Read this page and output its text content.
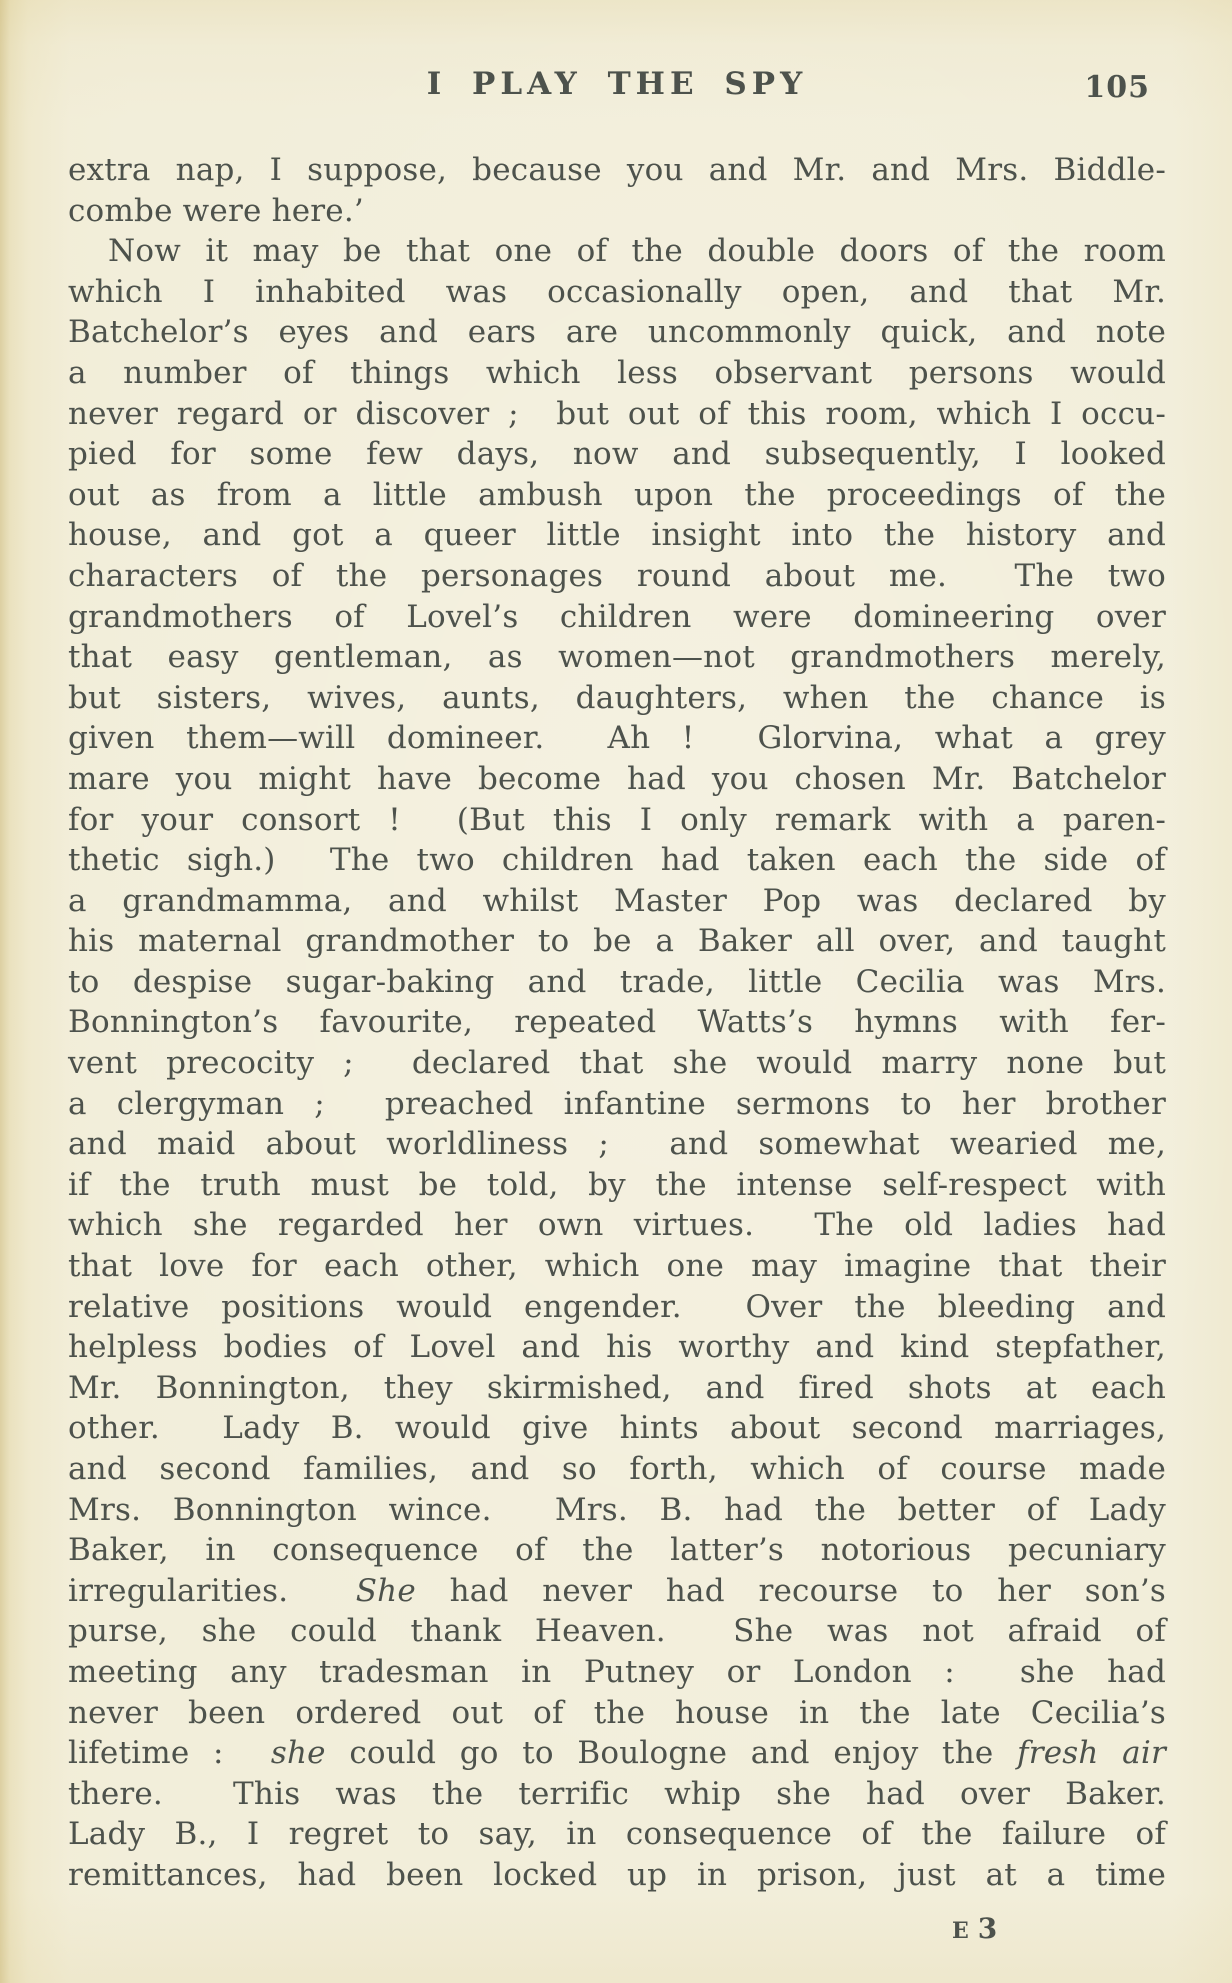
I PLAY THE SPY	105
extra nap, I suppose, because you and Mr. and Mrs. Biddle-
combe were here.’
Now it may be that one of the double doors of the room
which I inhabited was occasionally open, and that Mr.
Batchelor’s eyes and ears are uncommonly quick, and note
a number of things which less observant persons would
never regard or discover ;  but out of this room, which I occu-
pied for some few days, now and subsequently, I looked
out as from a little ambush upon the proceedings of the
house, and got a queer little insight into the history and
characters of the personages round about me.  The two
grandmothers of Lovel’s children were domineering over
that easy gentleman, as women—not grandmothers merely,
but sisters, wives, aunts, daughters, when the chance is
given them—will domineer.  Ah !  Glorvina, what a grey
mare you might have become had you chosen Mr. Batchelor
for your consort !  (But this I only remark with a paren-
thetic sigh.)  The two children had taken each the side of
a grandmamma, and whilst Master Pop was declared by
his maternal grandmother to be a Baker all over, and taught
to despise sugar-baking and trade, little Cecilia was Mrs.
Bonnington’s favourite, repeated Watts’s hymns with fer-
vent precocity ;  declared that she would marry none but
a clergyman ;  preached infantine sermons to her brother
and maid about worldliness ;  and somewhat wearied me,
if the truth must be told, by the intense self-respect with
which she regarded her own virtues.  The old ladies had
that love for each other, which one may imagine that their
relative positions would engender.  Over the bleeding and
helpless bodies of Lovel and his worthy and kind stepfather,
Mr. Bonnington, they skirmished, and fired shots at each
other.  Lady B. would give hints about second marriages,
and second families, and so forth, which of course made
Mrs. Bonnington wince.  Mrs. B. had the better of Lady
Baker, in consequence of the latter’s notorious pecuniary
irregularities.  She had never had recourse to her son’s
purse, she could thank Heaven.  She was not afraid of
meeting any tradesman in Putney or London :  she had
never been ordered out of the house in the late Cecilia’s
lifetime :  she could go to Boulogne and enjoy the fresh air
there.  This was the terrific whip she had over Baker.
Lady B., I regret to say, in consequence of the failure of
remittances, had been locked up in prison, just at a time
E 3
